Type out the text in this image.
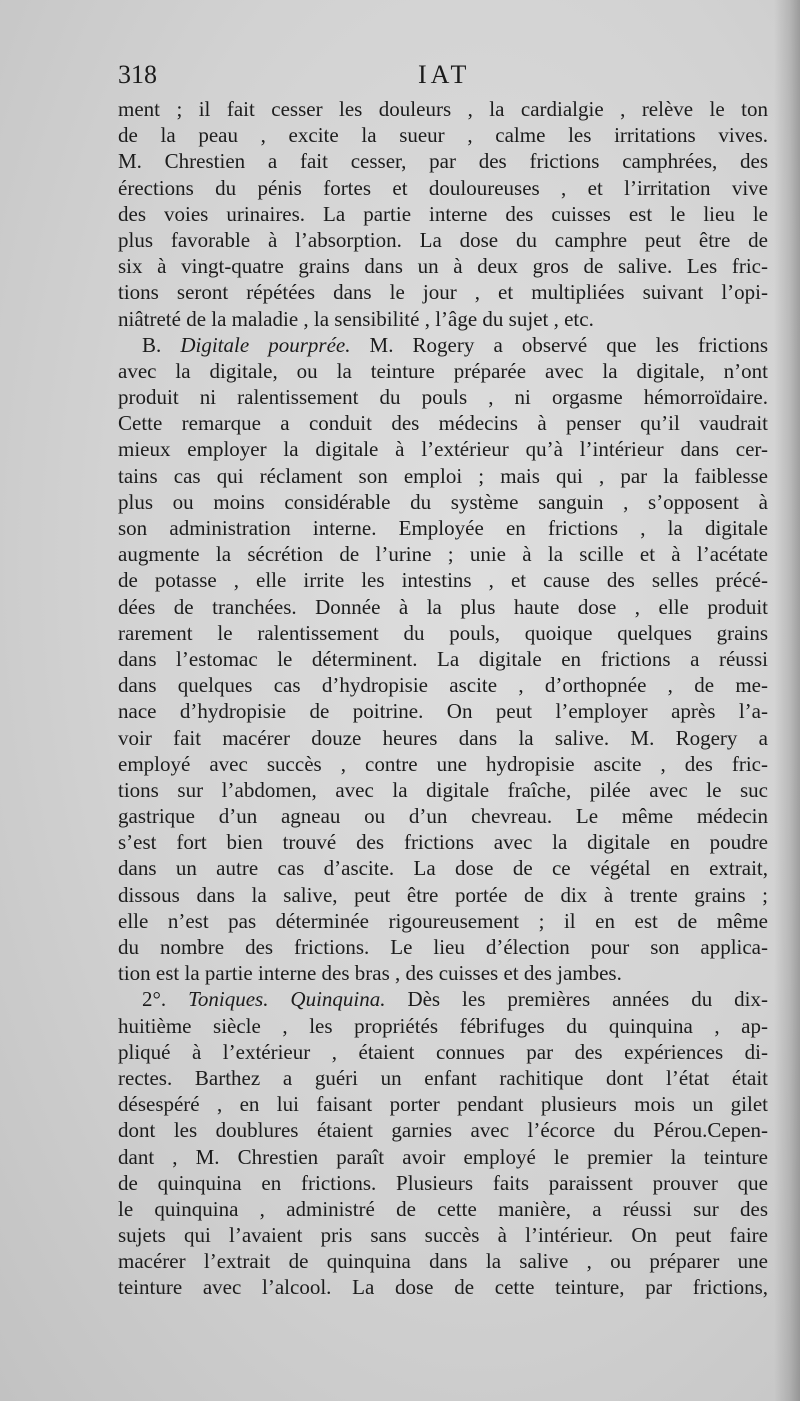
318	IAT
ment ; il fait cesser les douleurs , la cardialgie , relève le ton
de la peau , excite la sueur , calme les irritations vives.
M. Chrestien a fait cesser, par des frictions camphrées, des
érections du pénis fortes et douloureuses , et l’irritation vive
des voies urinaires. La partie interne des cuisses est le lieu le
plus favorable à l’absorption. La dose du camphre peut être de
six à vingt-quatre grains dans un à deux gros de salive. Les fric-
tions seront répétées dans le jour , et multipliées suivant l’opi-
niâtreté de la maladie , la sensibilité , l’âge du sujet , etc.
B. Digitale pourprée. M. Rogery a observé que les frictions
avec la digitale, ou la teinture préparée avec la digitale, n’ont
produit ni ralentissement du pouls , ni orgasme hémorroïdaire.
Cette remarque a conduit des médecins à penser qu’il vaudrait
mieux employer la digitale à l’extérieur qu’à l’intérieur dans cer-
tains cas qui réclament son emploi ; mais qui , par la faiblesse
plus ou moins considérable du système sanguin , s’opposent à
son administration interne. Employée en frictions , la digitale
augmente la sécrétion de l’urine ; unie à la scille et à l’acétate
de potasse , elle irrite les intestins , et cause des selles précé-
dées de tranchées. Donnée à la plus haute dose , elle produit
rarement le ralentissement du pouls, quoique quelques grains
dans l’estomac le déterminent. La digitale en frictions a réussi
dans quelques cas d’hydropisie ascite , d’orthopnée , de me-
nace d’hydropisie de poitrine. On peut l’employer après l’a-
voir fait macérer douze heures dans la salive. M. Rogery a
employé avec succès , contre une hydropisie ascite , des fric-
tions sur l’abdomen, avec la digitale fraîche, pilée avec le suc
gastrique d’un agneau ou d’un chevreau. Le même médecin
s’est fort bien trouvé des frictions avec la digitale en poudre
dans un autre cas d’ascite. La dose de ce végétal en extrait,
dissous dans la salive, peut être portée de dix à trente grains ;
elle n’est pas déterminée rigoureusement ; il en est de même
du nombre des frictions. Le lieu d’élection pour son applica-
tion est la partie interne des bras , des cuisses et des jambes.
2°. Toniques. Quinquina. Dès les premières années du dix-
huitième siècle , les propriétés fébrifuges du quinquina , ap-
pliqué à l’extérieur , étaient connues par des expériences di-
rectes. Barthez a guéri un enfant rachitique dont l’état était
désespéré , en lui faisant porter pendant plusieurs mois un gilet
dont les doublures étaient garnies avec l’écorce du Pérou.Cepen-
dant , M. Chrestien paraît avoir employé le premier la teinture
de quinquina en frictions. Plusieurs faits paraissent prouver que
le quinquina , administré de cette manière, a réussi sur des
sujets qui l’avaient pris sans succès à l’intérieur. On peut faire
macérer l’extrait de quinquina dans la salive , ou préparer une
teinture avec l’alcool. La dose de cette teinture, par frictions,
